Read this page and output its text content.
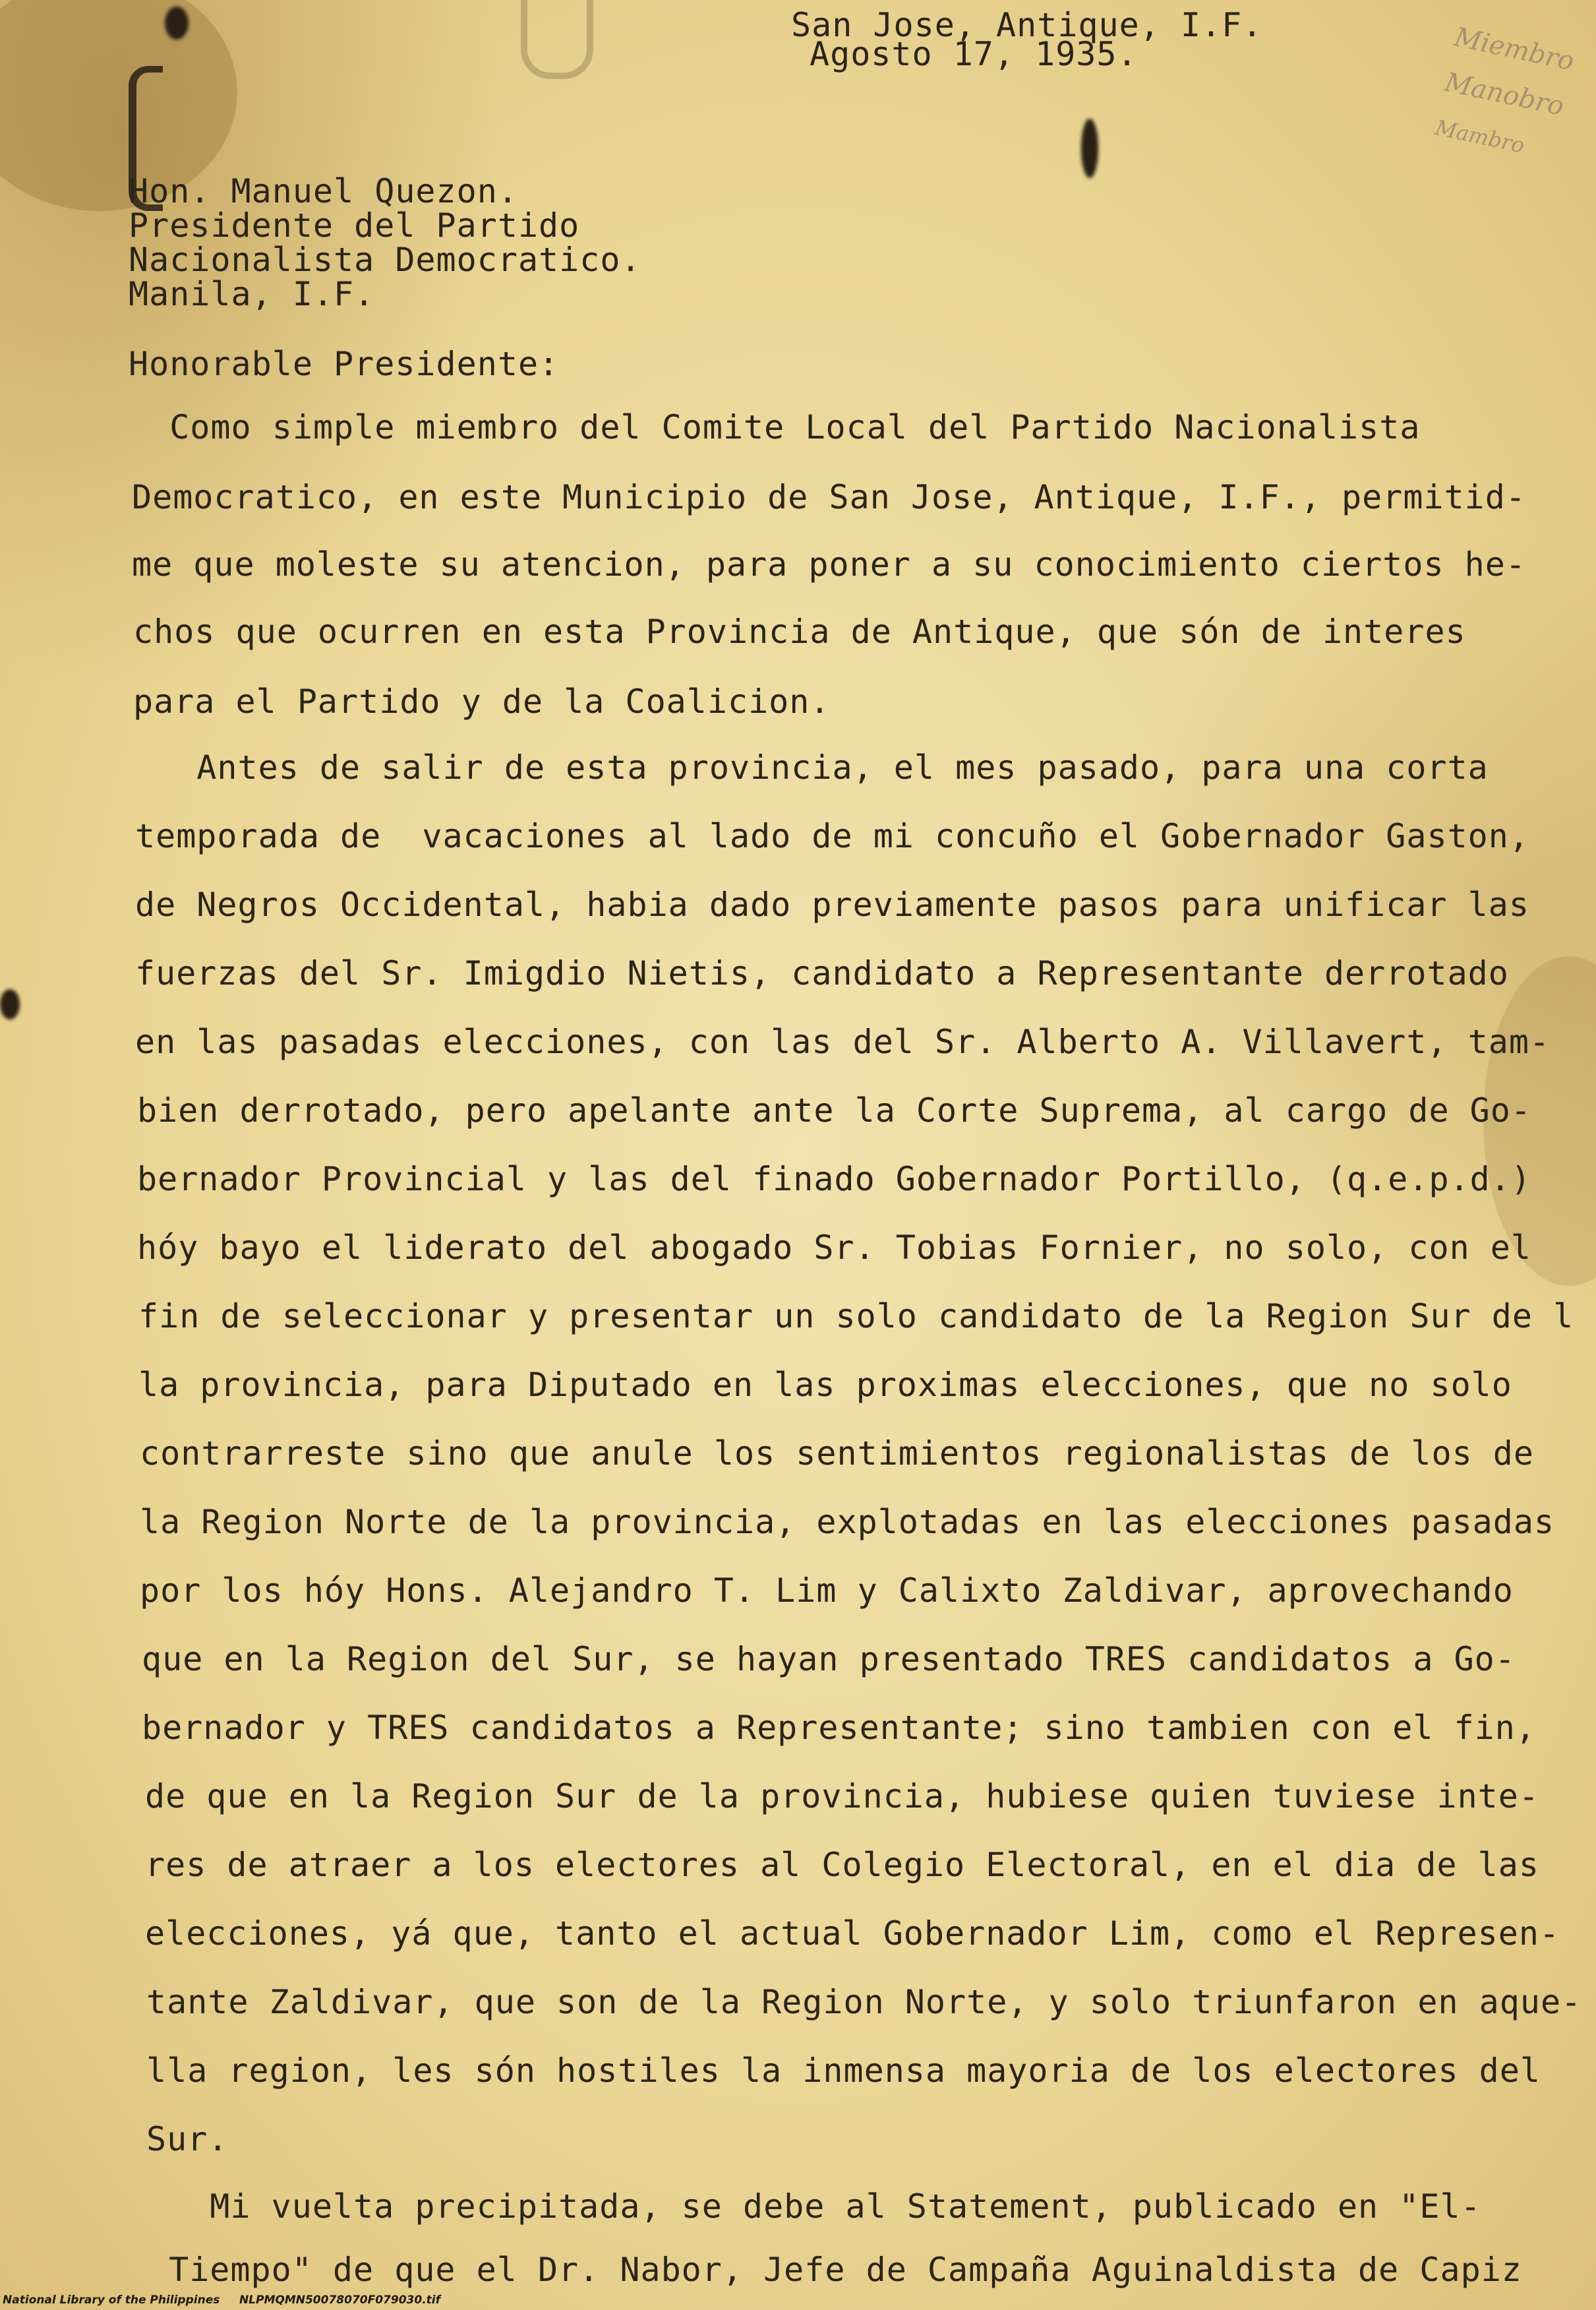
Miembro
Manobro
Mambro
San Jose, Antique, I.F.
Agosto 17, 1935.
Hon. Manuel Quezon.
Presidente del Partido
Nacionalista Democratico.
Manila, I.F.
Honorable Presidente:
Como simple miembro del Comite Local del Partido Nacionalista
Democratico, en este Municipio de San Jose, Antique, I.F., permitid-
me que moleste su atencion, para poner a su conocimiento ciertos he-
chos que ocurren en esta Provincia de Antique, que són de interes
para el Partido y de la Coalicion.
Antes de salir de esta provincia, el mes pasado, para una corta
temporada de  vacaciones al lado de mi concuño el Gobernador Gaston,
de Negros Occidental, habia dado previamente pasos para unificar las
fuerzas del Sr. Imigdio Nietis, candidato a Representante derrotado
en las pasadas elecciones, con las del Sr. Alberto A. Villavert, tam-
bien derrotado, pero apelante ante la Corte Suprema, al cargo de Go-
bernador Provincial y las del finado Gobernador Portillo, (q.e.p.d.)
hóy bayo el liderato del abogado Sr. Tobias Fornier, no solo, con el
fin de seleccionar y presentar un solo candidato de la Region Sur de l
la provincia, para Diputado en las proximas elecciones, que no solo
contrarreste sino que anule los sentimientos regionalistas de los de
la Region Norte de la provincia, explotadas en las elecciones pasadas
por los hóy Hons. Alejandro T. Lim y Calixto Zaldivar, aprovechando
que en la Region del Sur, se hayan presentado TRES candidatos a Go-
bernador y TRES candidatos a Representante; sino tambien con el fin,
de que en la Region Sur de la provincia, hubiese quien tuviese inte-
res de atraer a los electores al Colegio Electoral, en el dia de las
elecciones, yá que, tanto el actual Gobernador Lim, como el Represen-
tante Zaldivar, que son de la Region Norte, y solo triunfaron en aque-
lla region, les són hostiles la inmensa mayoria de los electores del
Sur.
Mi vuelta precipitada, se debe al Statement, publicado en "El-
Tiempo" de que el Dr. Nabor, Jefe de Campaña Aguinaldista de Capiz
National Library of the Philippines     NLPMQMN50078070F079030.tif
